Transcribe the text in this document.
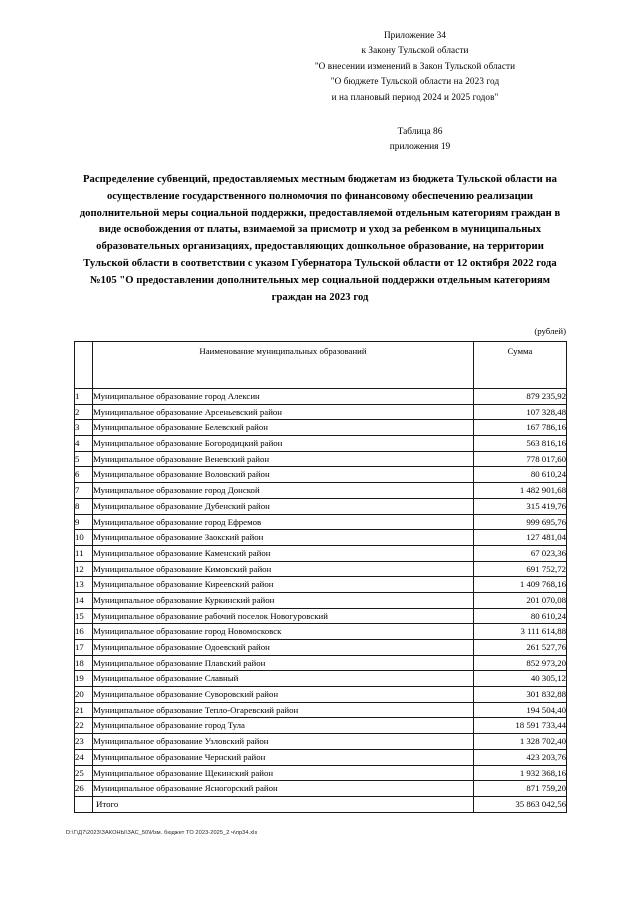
Приложение 34
к Закону Тульской области
"О внесении изменений в Закон Тульской области
"О бюджете Тульской области на 2023 год
и на плановый период 2024 и 2025 годов"
Таблица 86
приложения 19
Распределение субвенций, предоставляемых местным бюджетам из бюджета Тульской области на осуществление государственного полномочия по финансовому обеспечению реализации дополнительной меры социальной поддержки, предоставляемой отдельным категориям граждан в виде освобождения от платы, взимаемой за присмотр и уход за ребенком в муниципальных образовательных организациях, предоставляющих дошкольное образование, на территории Тульской области в соответствии с указом Губернатора Тульской области от 12 октября 2022 года №105 "О предоставлении дополнительных мер социальной поддержки отдельным категориям граждан на 2023 год
(рублей)
	Наименование муниципальных образований	Сумма
1	Муниципальное образование город Алексин	879 235,92
2	Муниципальное образование Арсеньевский район	107 328,48
3	Муниципальное образование Белевский район	167 786,16
4	Муниципальное образование Богородицкий район	563 816,16
5	Муниципальное образование Веневский район	778 017,60
6	Муниципальное образование Воловский район	80 610,24
7	Муниципальное образование город Донской	1 482 901,68
8	Муниципальное образование Дубенский район	315 419,76
9	Муниципальное образование город Ефремов	999 695,76
10	Муниципальное образование Заокский район	127 481,04
11	Муниципальное образование Каменский район	67 023,36
12	Муниципальное образование Кимовский район	691 752,72
13	Муниципальное образование Киреевский район	1 409 768,16
14	Муниципальное образование Куркинский район	201 070,08
15	Муниципальное образование рабочий поселок Новогуровский	80 610,24
16	Муниципальное образование город Новомосковск	3 111 614,88
17	Муниципальное образование Одоевский район	261 527,76
18	Муниципальное образование Плавский район	852 973,20
19	Муниципальное образование Славный	40 305,12
20	Муниципальное образование Суворовский район	301 832,88
21	Муниципальное образование Тепло-Огаревский район	194 504,40
22	Муниципальное образование город Тула	18 591 733,44
23	Муниципальное образование Узловский район	1 328 702,40
24	Муниципальное образование Чернский район	423 203,76
25	Муниципальное образование Щекинский район	1 932 368,16
26	Муниципальное образование Ясногорский район	871 759,20
	Итого	35 863 042,56
D:\Г\Д7\2023\ЗАКОНЫ\ЗАС_50\Изм. бюджет ТО 2023-2025_2 ч\пр34.xls
